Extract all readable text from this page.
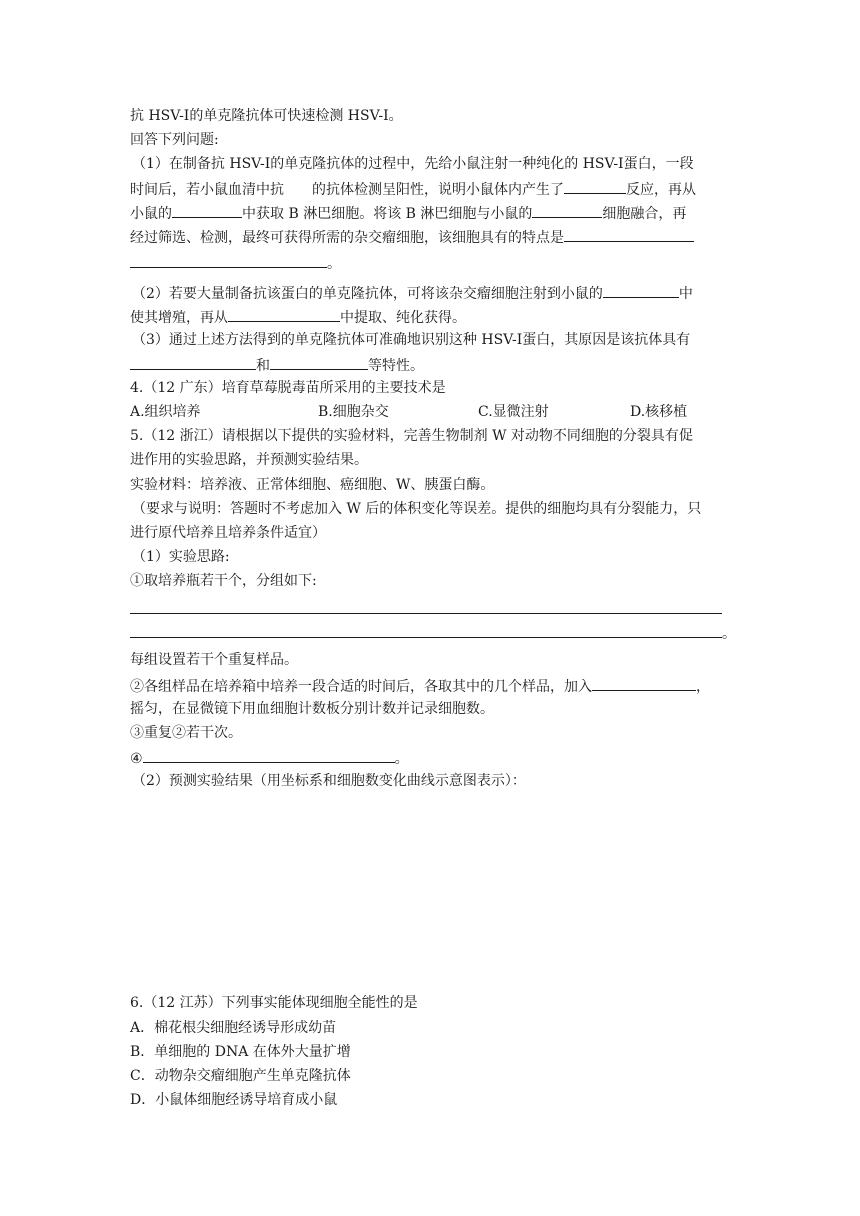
抗 HSV-Ⅰ的单克隆抗体可快速检测 HSV-Ⅰ。
回答下列问题:
（1）在制备抗 HSV-Ⅰ的单克隆抗体的过程中，先给小鼠注射一种纯化的 HSV-Ⅰ蛋白，一段
时间后，若小鼠血清中抗 的抗体检测呈阳性，说明小鼠体内产生了	反应，再从
小鼠的	中获取 B 淋巴细胞。将该 B 淋巴细胞与小鼠的	细胞融合，再
经过筛选、检测，最终可获得所需的杂交瘤细胞，该细胞具有的特点是
。
（2）若要大量制备抗该蛋白的单克隆抗体，可将该杂交瘤细胞注射到小鼠的	中
使其增殖，再从	中提取、纯化获得。
（3）通过上述方法得到的单克隆抗体可准确地识别这种 HSV-Ⅰ蛋白，其原因是该抗体具有
和	等特性。
4.（12 广东）培育草莓脱毒苗所采用的主要技术是
A.组织培养	B.细胞杂交	C.显微注射	D.核移植
5.（12 浙江）请根据以下提供的实验材料，完善生物制剂 W 对动物不同细胞的分裂具有促
进作用的实验思路，并预测实验结果。
实验材料：培养液、正常体细胞、癌细胞、W、胰蛋白酶。
（要求与说明：答题时不考虑加入 W 后的体积变化等误差。提供的细胞均具有分裂能力，只
进行原代培养且培养条件适宜）
（1）实验思路:
①取培养瓶若干个，分组如下:
。
每组设置若干个重复样品。
②各组样品在培养箱中培养一段合适的时间后，各取其中的几个样品，加入	，
摇匀，在显微镜下用血细胞计数板分别计数并记录细胞数。
③重复②若干次。
④	。
（2）预测实验结果（用坐标系和细胞数变化曲线示意图表示）：
6.（12 江苏）下列事实能体现细胞全能性的是
A．棉花根尖细胞经诱导形成幼苗
B．单细胞的 DNA 在体外大量扩增
C．动物杂交瘤细胞产生单克隆抗体
D．小鼠体细胞经诱导培育成小鼠
